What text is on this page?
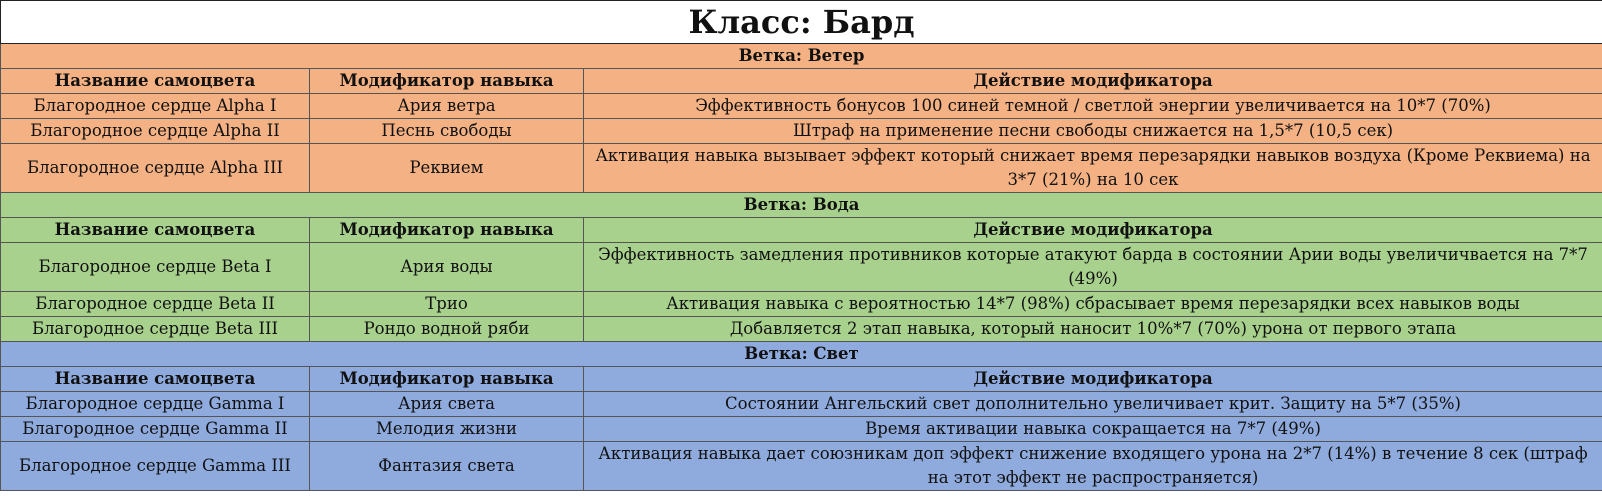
Класс: Бард		
Ветка: Ветер		
Название самоцвета	Модификатор навыка	Действие модификатора
Благородное сердце Alpha I	Ария ветра	Эффективность бонусов 100 синей темной / светлой энергии увеличивается на 10*7 (70%)
Благородное сердце Alpha II	Песнь свободы	Штраф на применение песни свободы снижается на 1,5*7 (10,5 сек)
Благородное сердце Alpha III	Реквием	Активация навыка вызывает эффект который снижает время перезарядки навыков воздуха (Кроме Реквиема) на 3*7 (21%) на 10 сек
Ветка: Вода		
Название самоцвета	Модификатор навыка	Действие модификатора
Благородное сердце Beta I	Ария воды	Эффективность замедления противников которые атакуют барда в состоянии Арии воды увеличичвается на 7*7 (49%)
Благородное сердце Beta II	Трио	Активация навыка с вероятностью 14*7 (98%) сбрасывает время перезарядки всех навыков воды
Благородное сердце Beta III	Рондо водной ряби	Добавляется 2 этап навыка, который наносит 10%*7 (70%) урона от первого этапа
Ветка: Свет		
Название самоцвета	Модификатор навыка	Действие модификатора
Благородное сердце Gamma I	Ария света	Состоянии Ангельский свет дополнительно увеличивает крит. Защиту на 5*7 (35%)
Благородное сердце Gamma II	Мелодия жизни	Время активации навыка сокращается на 7*7 (49%)
Благородное сердце Gamma III	Фантазия света	Активация навыка дает союзникам доп эффект снижение входящего урона на 2*7 (14%) в течение 8 сек (штраф на этот эффект не распространяется)
